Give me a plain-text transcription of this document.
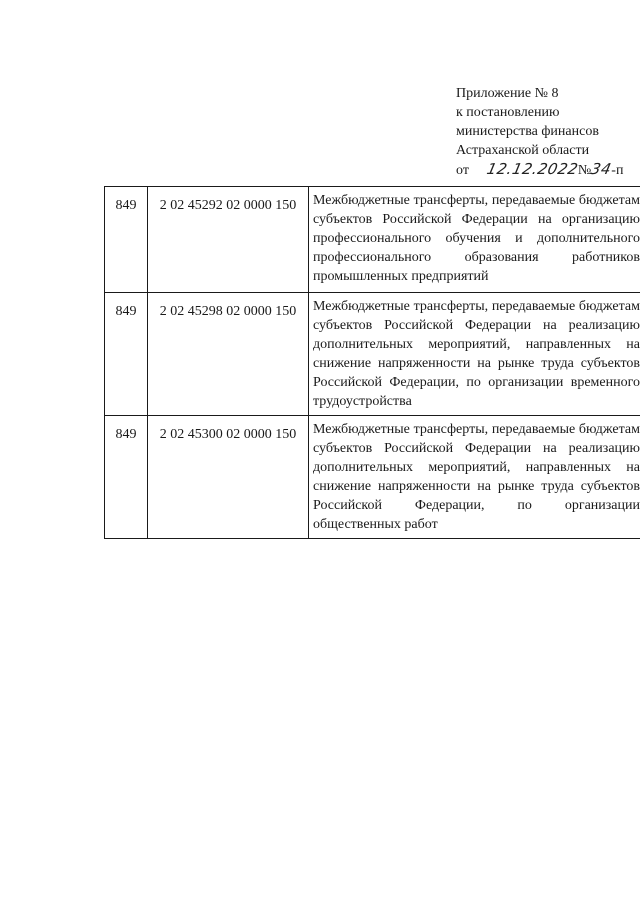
Приложение № 8
к постановлению
министерства финансов
Астраханской области
от 12.12.2022№34-п
849	2 02 45292 02 0000 150	Межбюджетные трансферты, передаваемые бюджетам субъектов Российской Федерации на организацию профессионального обучения и дополнительного профессионального образования работников промышленных предприятий

849	2 02 45298 02 0000 150	Межбюджетные трансферты, передаваемые бюджетам субъектов Российской Федерации на реализацию дополнительных мероприятий, направленных на снижение напряженности на рынке труда субъектов Российской Федерации, по организации временного трудоустройства

849	2 02 45300 02 0000 150	Межбюджетные трансферты, передаваемые бюджетам субъектов Российской Федерации на реализацию дополнительных мероприятий, направленных на снижение напряженности на рынке труда субъектов Российской Федерации, по организации общественных работ
